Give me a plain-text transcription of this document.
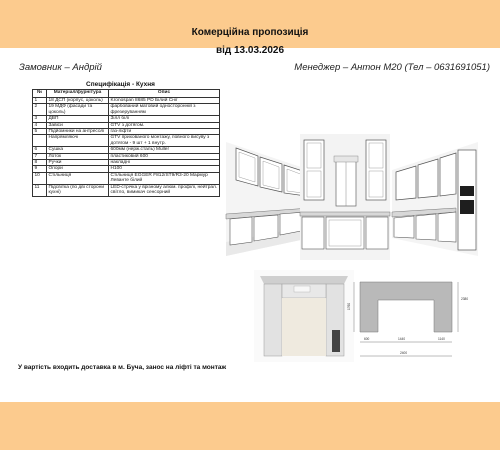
Комерційна пропозиція
від 13.03.2026
Замовник – Андрій	Менеджер – Антон М20 (Тел – 0631691051)
Специфікація - Кухня
№	Матеріал/фурнітура	Опис
1	18 ДСП (корпус, цоколь)	Kronospan 8685 PD Білий Сніг
2	19 МДФ (фасади та цоколь)	фарбований матовий односторонній з фрезеруванням
3	ДВП	Зілл білі
4	Завіси	GTV з дотягом.
5	Підйомники на антресолі	газ-ліфти
	Напрямляючі	GTV прихованого монтажу, повного висуву з дотягом - 9 шт + 1 внутр.
6	Сушка	600мм (нерж.сталь) Muller
7	Лоток	пластиковий 600
8	Ручки	накладні
9	Опори	H100
10	Стільниця	Стільниця EGGER F812/ST9/R3-20 Мармур Леванте білий
11	Підсвітка (по дві сторони кухні)	LED-стрічка у врізному алюм. профілі, нейтрал. світло, вимикач сенсорний
1760
2380
600	1440	1140
2400
У вартість входить доставка в м. Буча, занос на ліфті та монтаж
